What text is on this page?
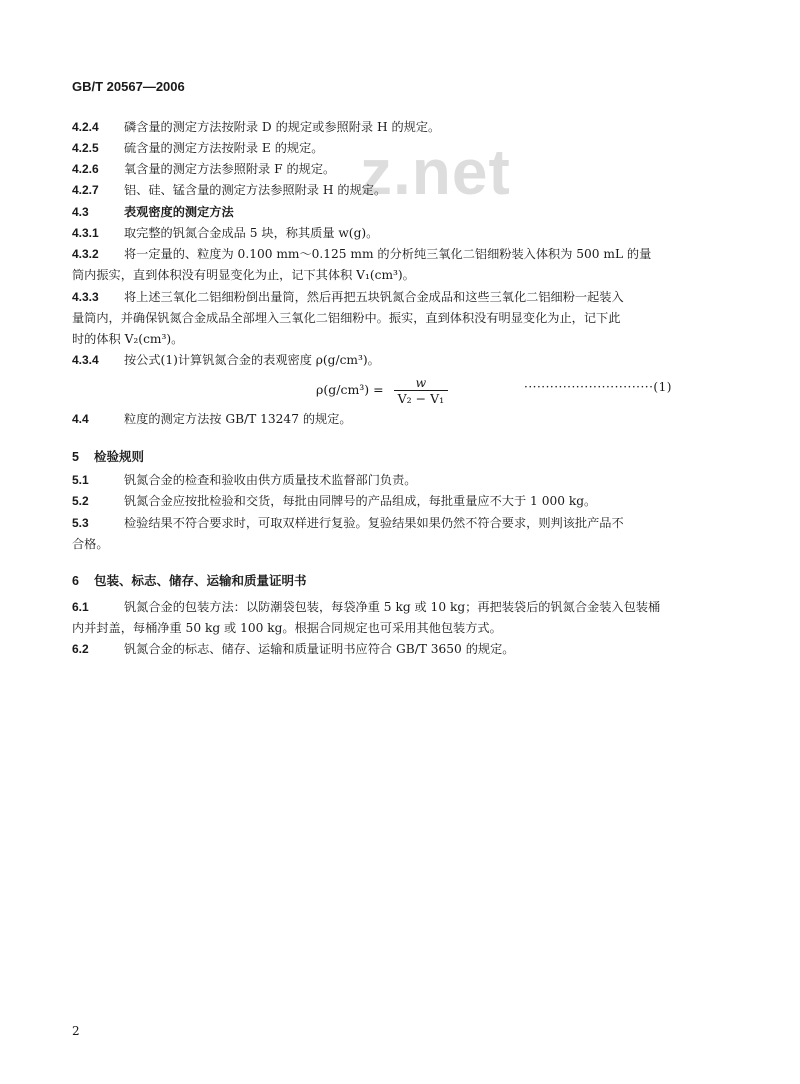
GB/T 20567—2006
z.net
4.2.4 磷含量的测定方法按附录 D 的规定或参照附录 H 的规定。
4.2.5 硫含量的测定方法按附录 E 的规定。
4.2.6 氧含量的测定方法参照附录 F 的规定。
4.2.7 铝、硅、锰含量的测定方法参照附录 H 的规定。
4.3	表观密度的测定方法
4.3.1 取完整的钒氮合金成品 5 块，称其质量 w(g)。
4.3.2 将一定量的、粒度为 0.100 mm～0.125 mm 的分析纯三氧化二铝细粉装入体积为 500 mL 的量
筒内振实，直到体积没有明显变化为止，记下其体积 V₁(cm³)。
4.3.3 将上述三氧化二铝细粉倒出量筒，然后再把五块钒氮合金成品和这些三氧化二铝细粉一起装入
量筒内，并确保钒氮合金成品全部埋入三氧化二铝细粉中。振实，直到体积没有明显变化为止，记下此
时的体积 V₂(cm³)。
4.3.4 按公式(1)计算钒氮合金的表观密度 ρ(g/cm³)。
$\rho(g/cm^3) = \frac{w}{\text{V₂ − V₁}}$	······························(1)
4.4	粒度的测定方法按 GB/T 13247 的规定。
5 检验规则
5.1	钒氮合金的检查和验收由供方质量技术监督部门负责。
5.2	钒氮合金应按批检验和交货，每批由同牌号的产品组成，每批重量应不大于 1 000 kg。
5.3	检验结果不符合要求时，可取双样进行复验。复验结果如果仍然不符合要求，则判该批产品不
合格。
6 包装、标志、储存、运输和质量证明书
6.1	钒氮合金的包装方法：以防潮袋包装，每袋净重 5 kg 或 10 kg；再把装袋后的钒氮合金装入包装桶
内并封盖，每桶净重 50 kg 或 100 kg。根据合同规定也可采用其他包装方式。
6.2	钒氮合金的标志、储存、运输和质量证明书应符合 GB/T 3650 的规定。
2
